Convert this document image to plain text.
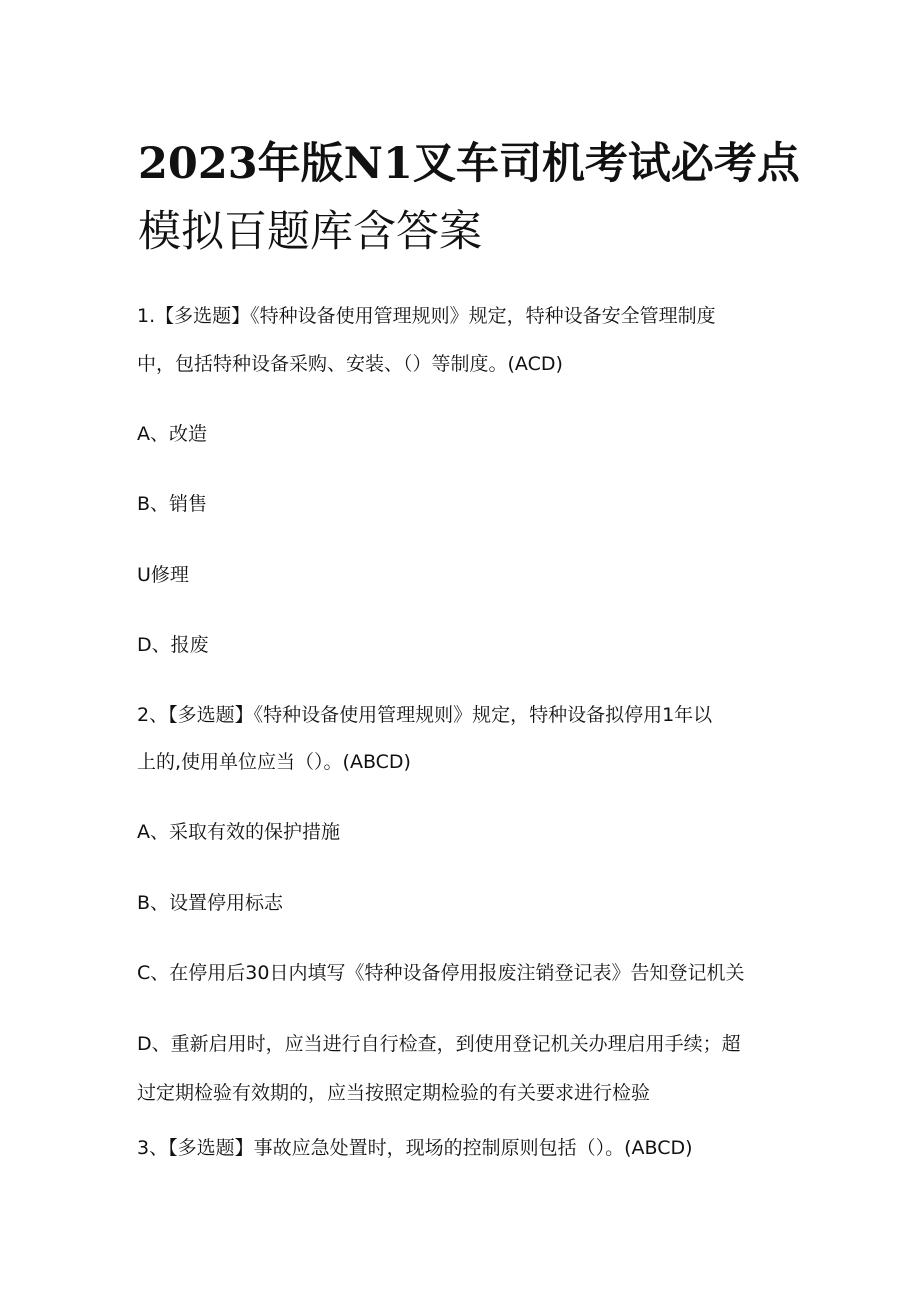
2023年版N1叉车司机考试必考点
模拟百题库含答案
1.【多选题】《特种设备使用管理规则》规定，特种设备安全管理制度
中，包括特种设备采购、安装、（）等制度。(ACD)
A、改造
B、销售
U修理
D、报废
2、【多选题】《特种设备使用管理规则》规定，特种设备拟停用1年以
上的,使用单位应当（）。(ABCD)
A、采取有效的保护措施
B、设置停用标志
C、在停用后30日内填写《特种设备停用报废注销登记表》告知登记机关
D、重新启用时，应当进行自行检查，到使用登记机关办理启用手续；超
过定期检验有效期的，应当按照定期检验的有关要求进行检验
3、【多选题】事故应急处置时，现场的控制原则包括（）。(ABCD)
